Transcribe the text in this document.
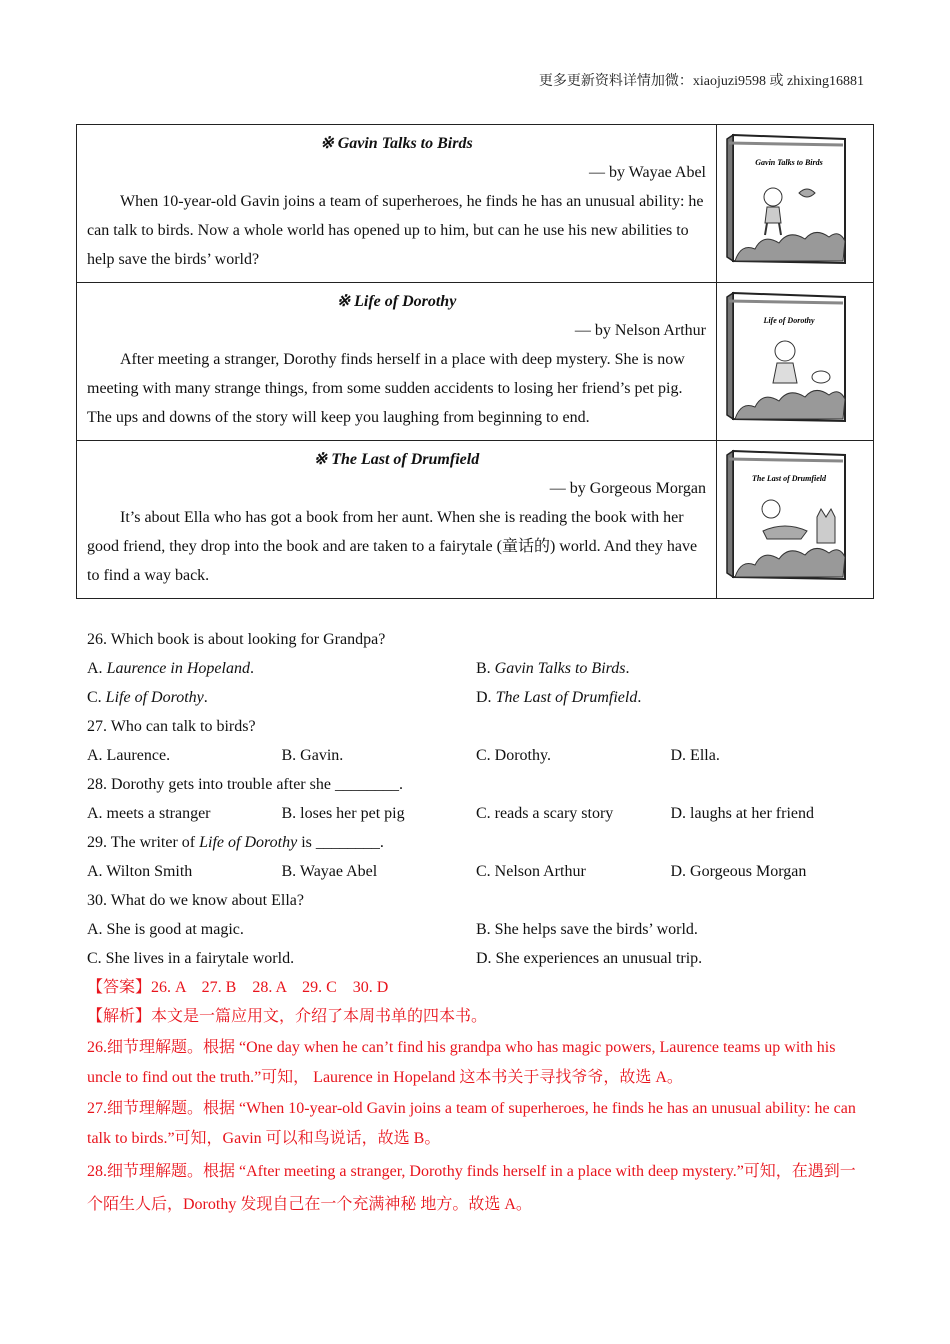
更多更新资料详情加微：xiaojuzi9598 或 zhixing16881
※ Gavin Talks to Birds
— by Wayae Abel
When 10-year-old Gavin joins a team of superheroes, he finds he has an unusual ability: he can talk to birds. Now a whole world has opened up to him, but can he use his new abilities to help save the birds’ world?	Gavin Talks to Birds

※ Life of Dorothy
— by Nelson Arthur
After meeting a stranger, Dorothy finds herself in a place with deep mystery. She is now meeting with many strange things, from some sudden accidents to losing her friend’s pet pig. The ups and downs of the story will keep you laughing from beginning to end.	Life of Dorothy

※ The Last of Drumfield
— by Gorgeous Morgan
It’s about Ella who has got a book from her aunt. When she is reading the book with her good friend, they drop into the book and are taken to a fairytale (童话的) world. And they have to find a way back.	The Last of Drumfield
26. Which book is about looking for Grandpa?
A. Laurence in Hopeland.	B. Gavin Talks to Birds.
C. Life of Dorothy.	D. The Last of Drumfield.
27. Who can talk to birds?
A. Laurence.	B. Gavin.	C. Dorothy.	D. Ella.
28. Dorothy gets into trouble after she ________.
A. meets a stranger	B. loses her pet pig	C. reads a scary story	D. laughs at her friend
29. The writer of Life of Dorothy is ________.
A. Wilton Smith	B. Wayae Abel	C. Nelson Arthur	D. Gorgeous Morgan
30. What do we know about Ella?
A. She is good at magic.	B. She helps save the birds’ world.
C. She lives in a fairytale world.	D. She experiences an unusual trip.
【答案】26. A    27. B    28. A    29. C    30. D
【解析】本文是一篇应用文，介绍了本周书单的四本书。
26.细节理解题。根据 “One day when he can’t find his grandpa who has magic powers, Laurence teams up with his uncle to find out the truth.”可知， Laurence in Hopeland 这本书关于寻找爷爷，故选 A。
27.细节理解题。根据 “When 10-year-old Gavin joins a team of superheroes, he finds he has an unusual ability: he can talk to birds.”可知，Gavin 可以和鸟说话，故选 B。
28.细节理解题。根据 “After meeting a stranger, Dorothy finds herself in a place with deep mystery.”可知，在遇到一个陌生人后，Dorothy 发现自己在一个充满神秘 地方。故选 A。
